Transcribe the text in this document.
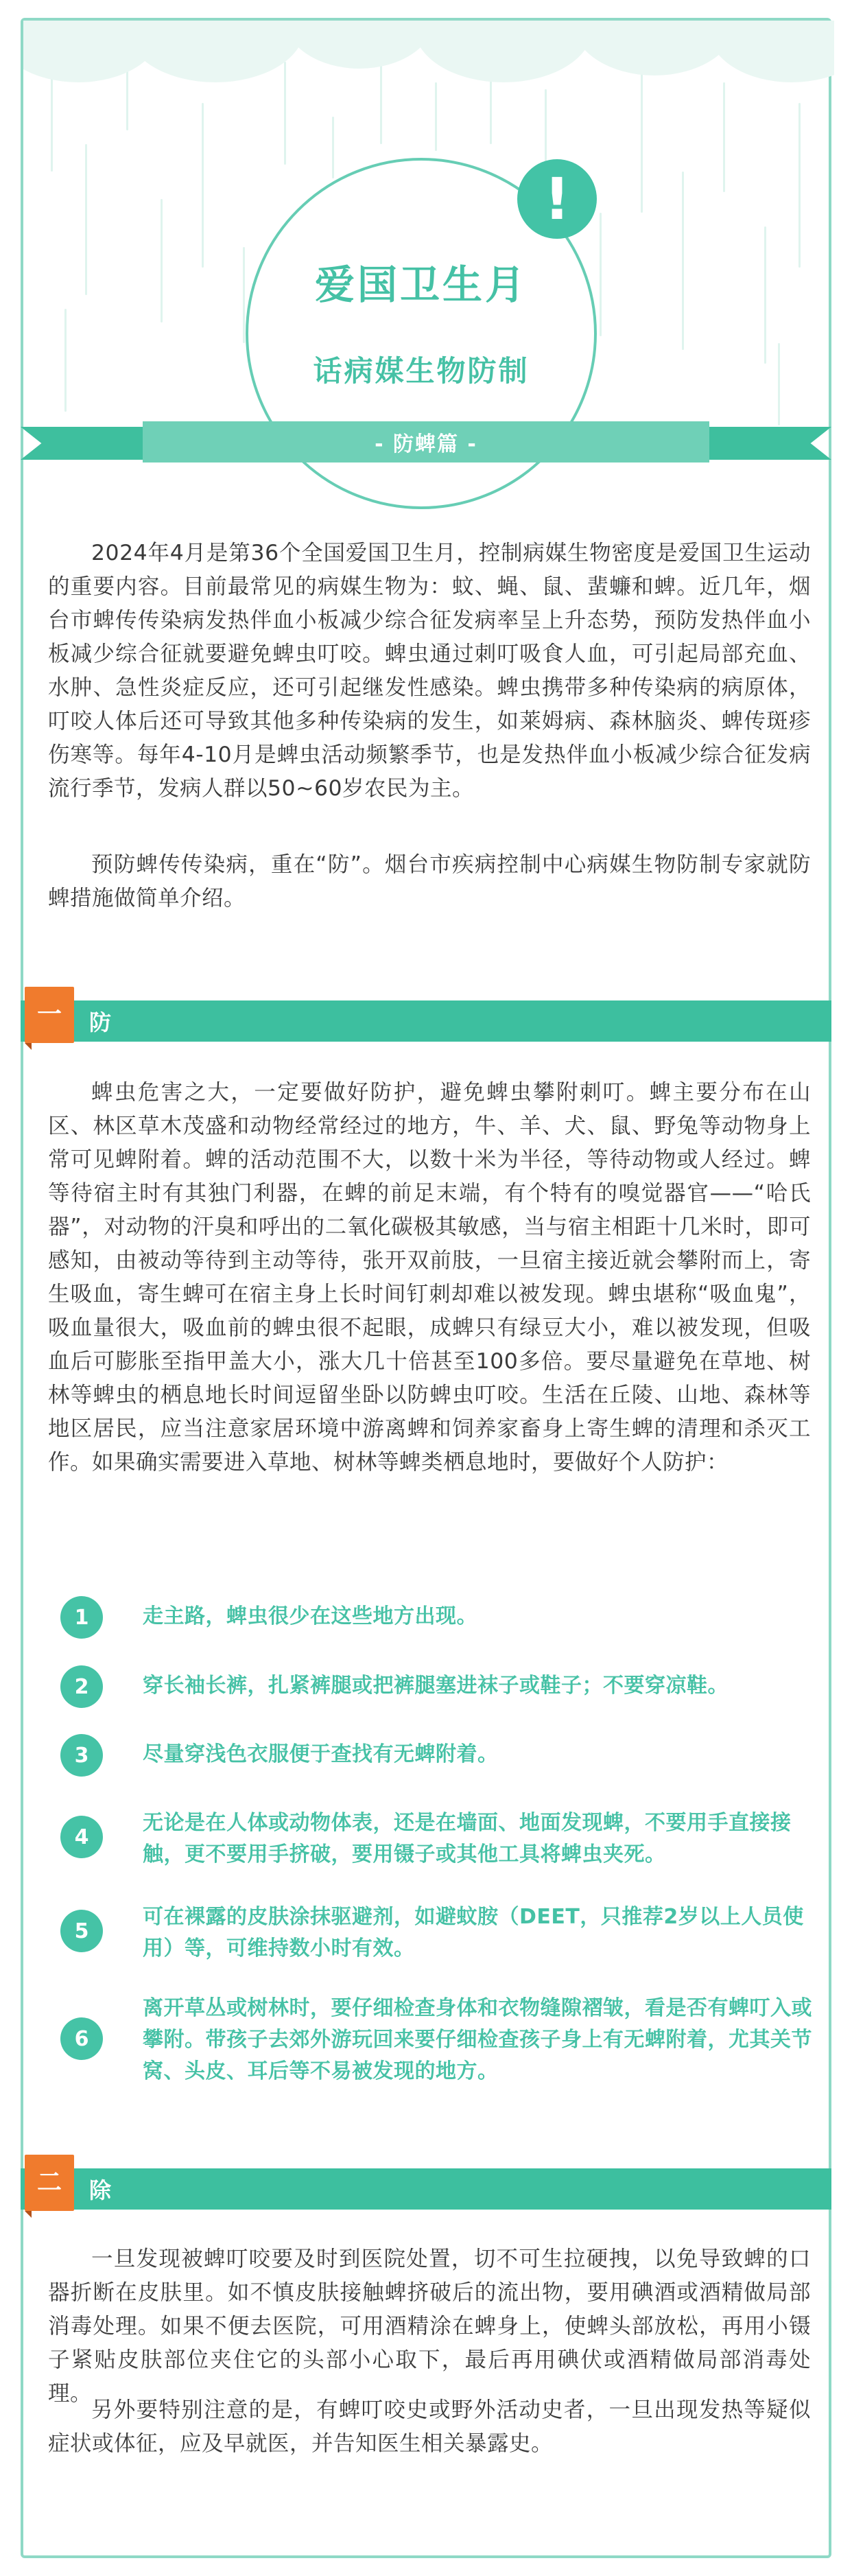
!
爱国卫生月
话病媒生物防制
- 防蜱篇 -

2024年4月是第36个全国爱国卫生月，控制病媒生物密度是爱国卫生运动的重要内容。目前最常见的病媒生物为：蚊、蝇、鼠、蜚蠊和蜱。近几年，烟台市蜱传传染病发热伴血小板减少综合征发病率呈上升态势，预防发热伴血小板减少综合征就要避免蜱虫叮咬。蜱虫通过刺叮吸食人血，可引起局部充血、水肿、急性炎症反应，还可引起继发性感染。蜱虫携带多种传染病的病原体，叮咬人体后还可导致其他多种传染病的发生，如莱姆病、森林脑炎、蜱传斑疹伤寒等。每年4-10月是蜱虫活动频繁季节，也是发热伴血小板减少综合征发病流行季节，发病人群以50~60岁农民为主。

预防蜱传传染病，重在“防”。烟台市疾病控制中心病媒生物防制专家就防蜱措施做简单介绍。

防
一

蜱虫危害之大，一定要做好防护，避免蜱虫攀附刺叮。蜱主要分布在山区、林区草木茂盛和动物经常经过的地方，牛、羊、犬、鼠、野兔等动物身上常可见蜱附着。蜱的活动范围不大，以数十米为半径，等待动物或人经过。蜱等待宿主时有其独门利器，在蜱的前足末端，有个特有的嗅觉器官——“哈氏器”，对动物的汗臭和呼出的二氧化碳极其敏感，当与宿主相距十几米时，即可感知，由被动等待到主动等待，张开双前肢，一旦宿主接近就会攀附而上，寄生吸血，寄生蜱可在宿主身上长时间钉刺却难以被发现。蜱虫堪称“吸血鬼”，吸血量很大，吸血前的蜱虫很不起眼，成蜱只有绿豆大小，难以被发现，但吸血后可膨胀至指甲盖大小，涨大几十倍甚至100多倍。要尽量避免在草地、树林等蜱虫的栖息地长时间逗留坐卧以防蜱虫叮咬。生活在丘陵、山地、森林等地区居民，应当注意家居环境中游离蜱和饲养家畜身上寄生蜱的清理和杀灭工作。如果确实需要进入草地、树林等蜱类栖息地时，要做好个人防护：

1	走主路，蜱虫很少在这些地方出现。
2	穿长袖长裤，扎紧裤腿或把裤腿塞进袜子或鞋子；不要穿凉鞋。
3	尽量穿浅色衣服便于查找有无蜱附着。
4
无论是在人体或动物体表，还是在墙面、地面发现蜱，不要用手直接接触，更不要用手挤破，要用镊子或其他工具将蜱虫夹死。
5
可在裸露的皮肤涂抹驱避剂，如避蚊胺（DEET，只推荐2岁以上人员使用）等，可维持数小时有效。
6
离开草丛或树林时，要仔细检查身体和衣物缝隙褶皱，看是否有蜱叮入或攀附。带孩子去郊外游玩回来要仔细检查孩子身上有无蜱附着，尤其关节窝、头皮、耳后等不易被发现的地方。
除
二

一旦发现被蜱叮咬要及时到医院处置，切不可生拉硬拽，以免导致蜱的口器折断在皮肤里。如不慎皮肤接触蜱挤破后的流出物，要用碘酒或酒精做局部消毒处理。如果不便去医院，可用酒精涂在蜱身上，使蜱头部放松，再用小镊子紧贴皮肤部位夹住它的头部小心取下，最后再用碘伏或酒精做局部消毒处理。

另外要特别注意的是，有蜱叮咬史或野外活动史者，一旦出现发热等疑似症状或体征，应及早就医，并告知医生相关暴露史。
